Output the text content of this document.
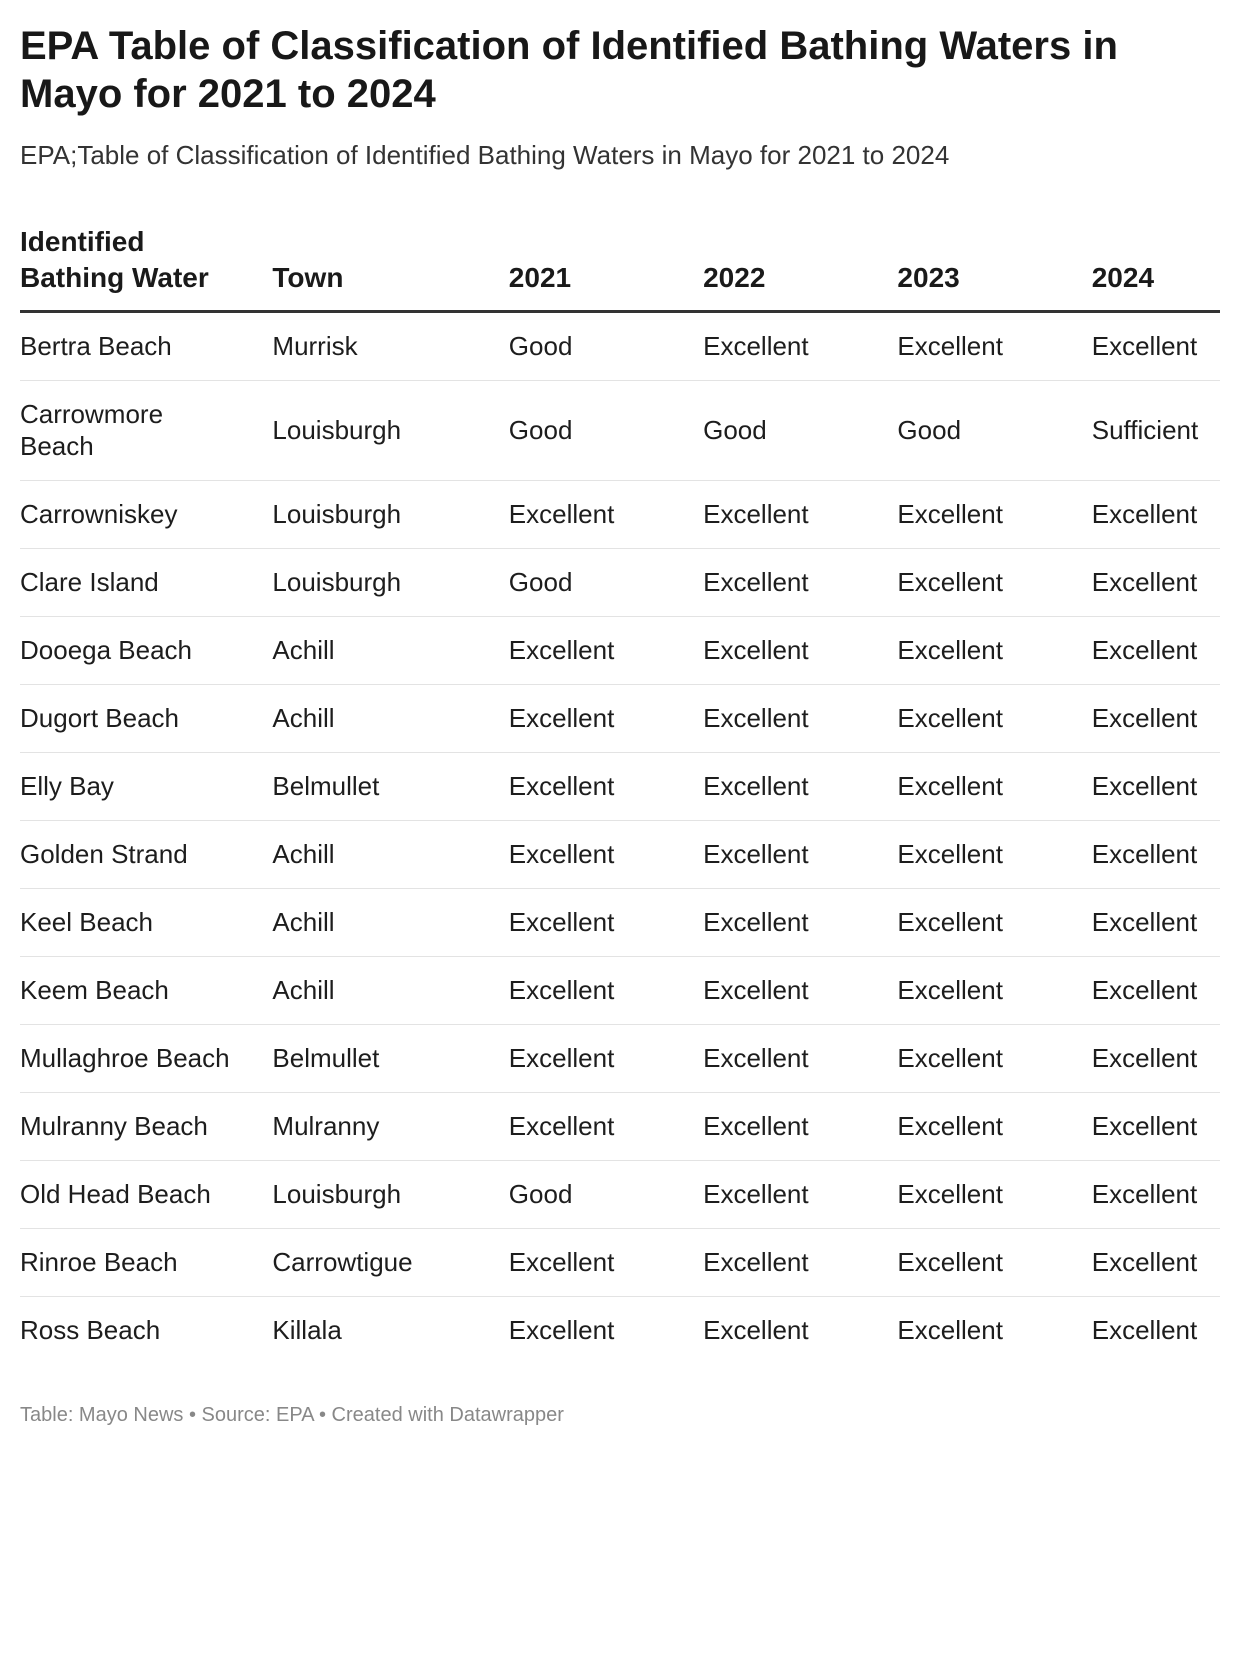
EPA Table of Classification of Identified Bathing Waters in Mayo for 2021 to 2024
EPA;Table of Classification of Identified Bathing Waters in Mayo for 2021 to 2024
Identified Bathing Water	Town	2021	2022	2023	2024
Bertra Beach	Murrisk	Good	Excellent	Excellent	Excellent
Carrowmore Beach	Louisburgh	Good	Good	Good	Sufficient
Carrowniskey	Louisburgh	Excellent	Excellent	Excellent	Excellent
Clare Island	Louisburgh	Good	Excellent	Excellent	Excellent
Dooega Beach	Achill	Excellent	Excellent	Excellent	Excellent
Dugort Beach	Achill	Excellent	Excellent	Excellent	Excellent
Elly Bay	Belmullet	Excellent	Excellent	Excellent	Excellent
Golden Strand	Achill	Excellent	Excellent	Excellent	Excellent
Keel Beach	Achill	Excellent	Excellent	Excellent	Excellent
Keem Beach	Achill	Excellent	Excellent	Excellent	Excellent
Mullaghroe Beach	Belmullet	Excellent	Excellent	Excellent	Excellent
Mulranny Beach	Mulranny	Excellent	Excellent	Excellent	Excellent
Old Head Beach	Louisburgh	Good	Excellent	Excellent	Excellent
Rinroe Beach	Carrowtigue	Excellent	Excellent	Excellent	Excellent
Ross Beach	Killala	Excellent	Excellent	Excellent	Excellent
Table: Mayo News • Source: EPA • Created with Datawrapper
